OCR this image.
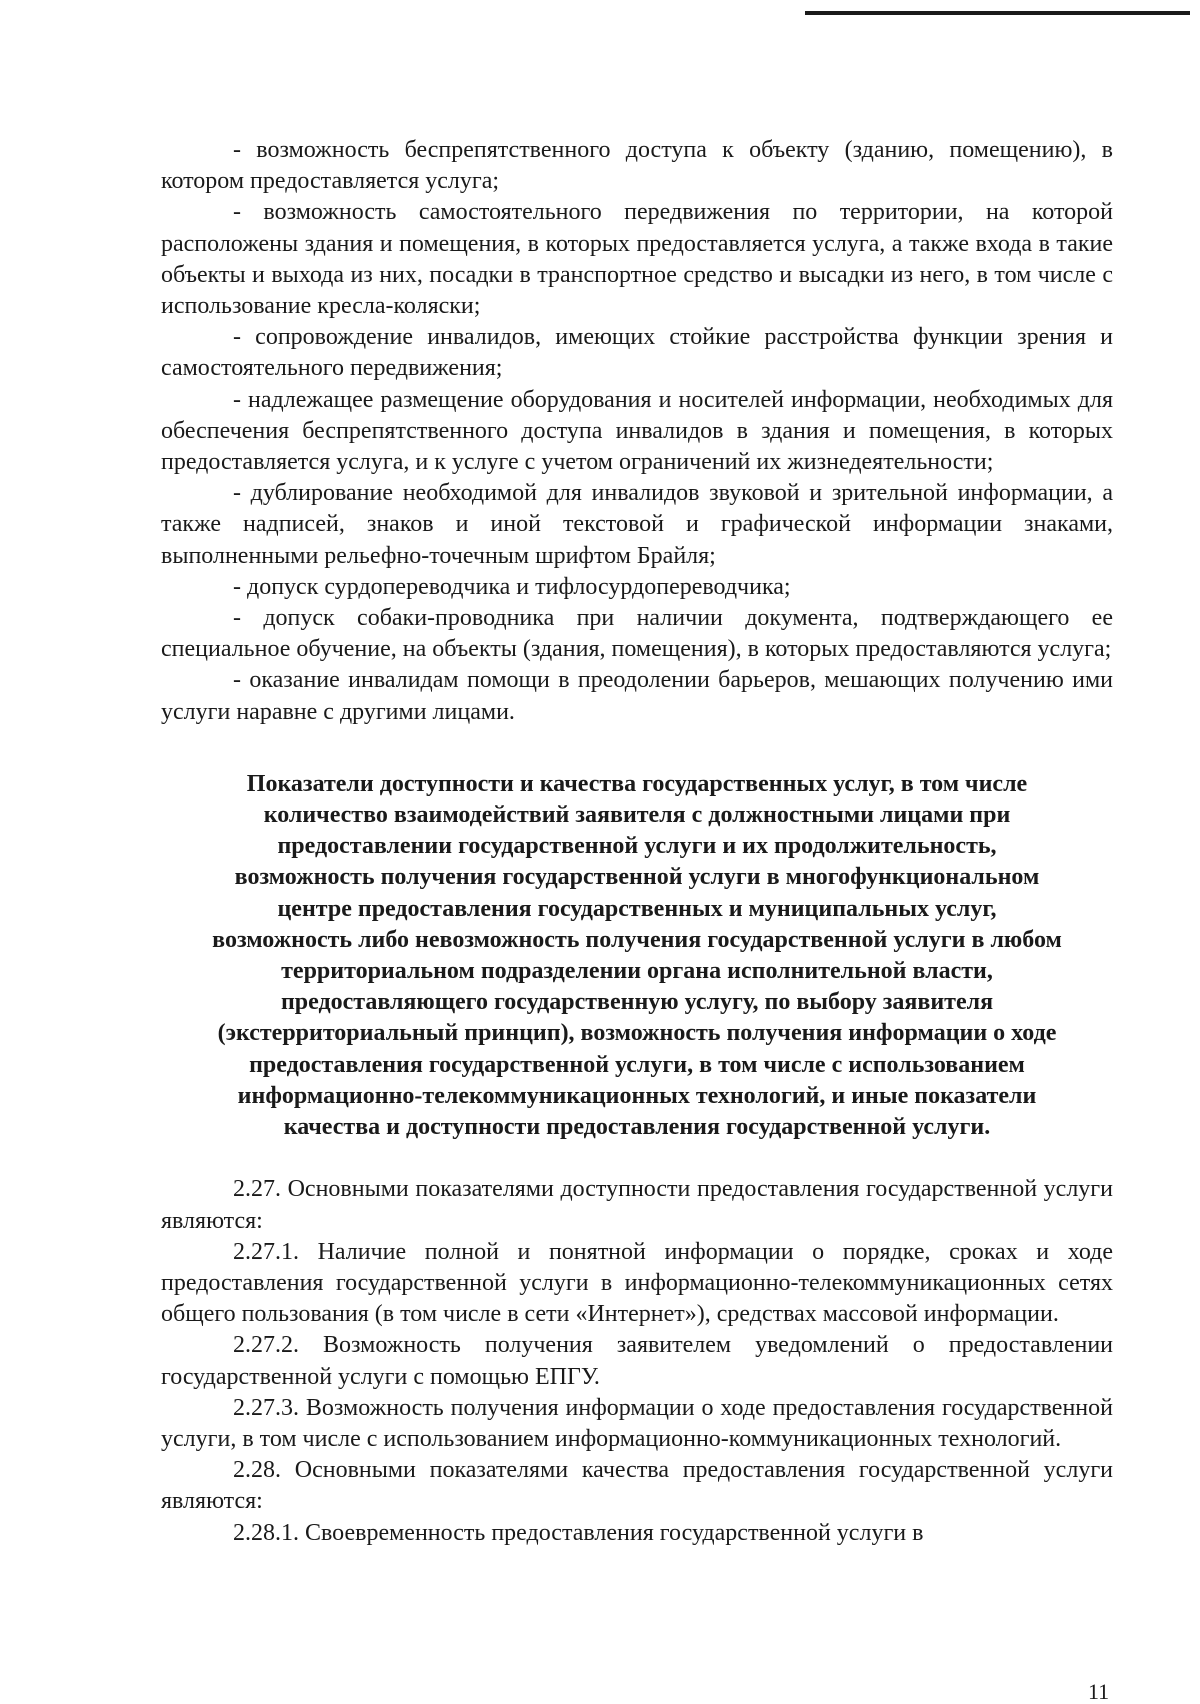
- возможность беспрепятственного доступа к объекту (зданию, помещению), в котором предоставляется услуга;

- возможность самостоятельного передвижения по территории, на которой расположены здания и помещения, в которых предоставляется услуга, а также входа в такие объекты и выхода из них, посадки в транспортное средство и высадки из него, в том числе с использование кресла-коляски;

- сопровождение инвалидов, имеющих стойкие расстройства функции зрения и самостоятельного передвижения;

- надлежащее размещение оборудования и носителей информации, необходимых для обеспечения беспрепятственного доступа инвалидов в здания и помещения, в которых предоставляется услуга, и к услуге с учетом ограничений их жизнедеятельности;

- дублирование необходимой для инвалидов звуковой и зрительной информации, а также надписей, знаков и иной текстовой и графической информации знаками, выполненными рельефно-точечным шрифтом Брайля;

- допуск сурдопереводчика и тифлосурдопереводчика;

- допуск собаки-проводника при наличии документа, подтверждающего ее специальное обучение, на объекты (здания, помещения), в которых предоставляются услуга;

- оказание инвалидам помощи в преодолении барьеров, мешающих получению ими услуги наравне с другими лицами.

Показатели доступности и качества государственных услуг, в том числе
количество взаимодействий заявителя с должностными лицами при
предоставлении государственной услуги и их продолжительность,
возможность получения государственной услуги в многофункциональном
центре предоставления государственных и муниципальных услуг,
возможность либо невозможность получения государственной услуги в любом
территориальном подразделении органа исполнительной власти,
предоставляющего государственную услугу, по выбору заявителя
(экстерриториальный принцип), возможность получения информации о ходе
предоставления государственной услуги, в том числе с использованием
информационно-телекоммуникационных технологий, и иные показатели
качества и доступности предоставления государственной услуги.

2.27. Основными показателями доступности предоставления государственной услуги являются:

2.27.1. Наличие полной и понятной информации о порядке, сроках и ходе предоставления государственной услуги в информационно-телекоммуникационных сетях общего пользования (в том числе в сети «Интернет»), средствах массовой информации.

2.27.2. Возможность получения заявителем уведомлений о предоставлении государственной услуги с помощью ЕПГУ.

2.27.3. Возможность получения информации о ходе предоставления государственной услуги, в том числе с использованием информационно-коммуникационных технологий.

2.28. Основными показателями качества предоставления государственной услуги являются:

2.28.1. Своевременность предоставления государственной услуги в

11
